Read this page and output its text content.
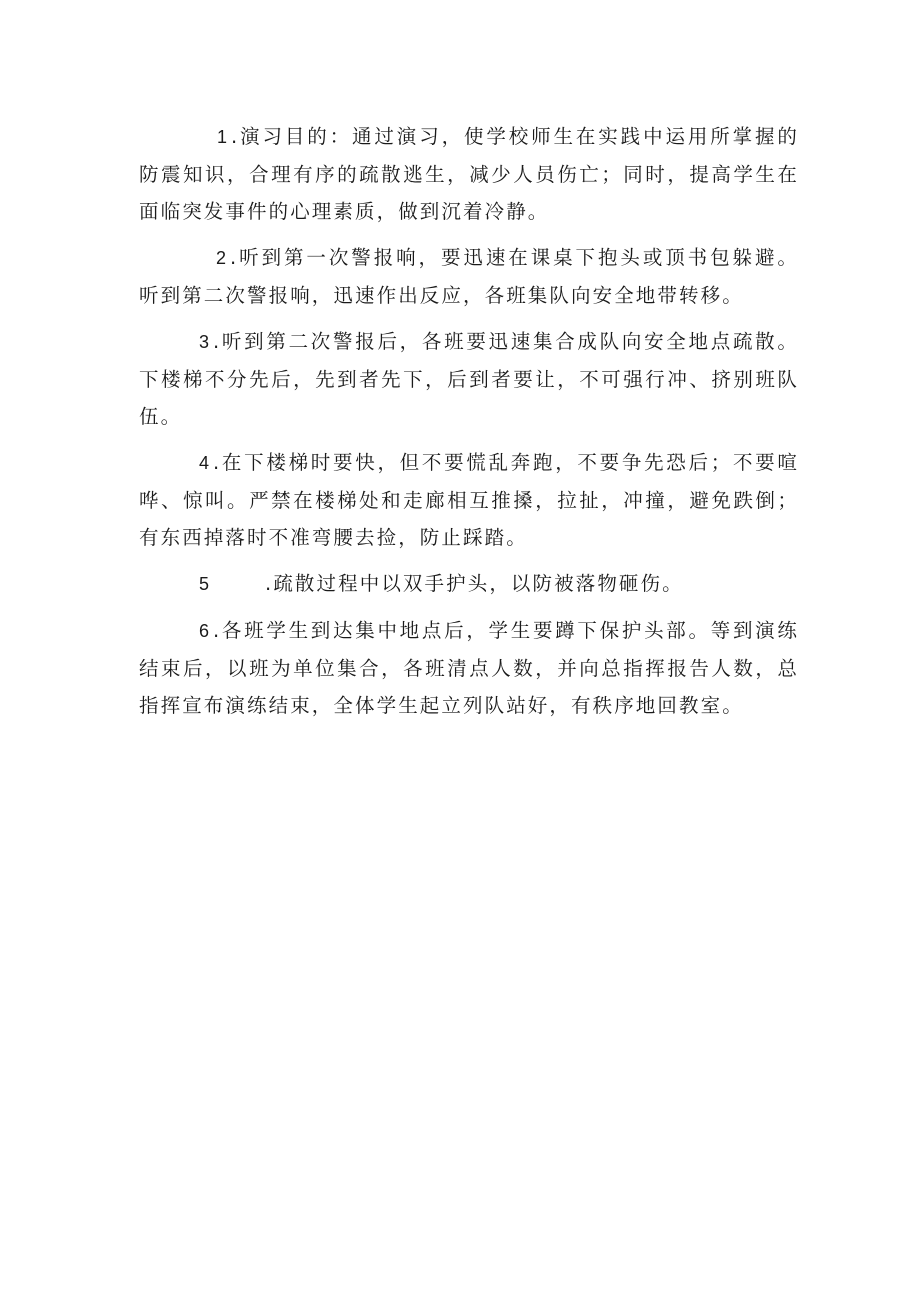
1 .演习目的：通过演习，使学校师生在实践中运用所掌握的防震知识，合理有序的疏散逃生，减少人员伤亡；同时，提高学生在面临突发事件的心理素质，做到沉着冷静。

2 .听到第一次警报响，要迅速在课桌下抱头或顶书包躲避。听到第二次警报响，迅速作出反应，各班集队向安全地带转移。

3 .听到第二次警报后，各班要迅速集合成队向安全地点疏散。下楼梯不分先后，先到者先下，后到者要让，不可强行冲、挤别班队伍。

4 .在下楼梯时要快，但不要慌乱奔跑，不要争先恐后；不要喧哗、惊叫。严禁在楼梯处和走廊相互推搡，拉扯，冲撞，避免跌倒；有东西掉落时不准弯腰去捡，防止踩踏。

5	.疏散过程中以双手护头，以防被落物砸伤。

6 .各班学生到达集中地点后，学生要蹲下保护头部。等到演练结束后，以班为单位集合，各班清点人数，并向总指挥报告人数，总指挥宣布演练结束，全体学生起立列队站好，有秩序地回教室。
